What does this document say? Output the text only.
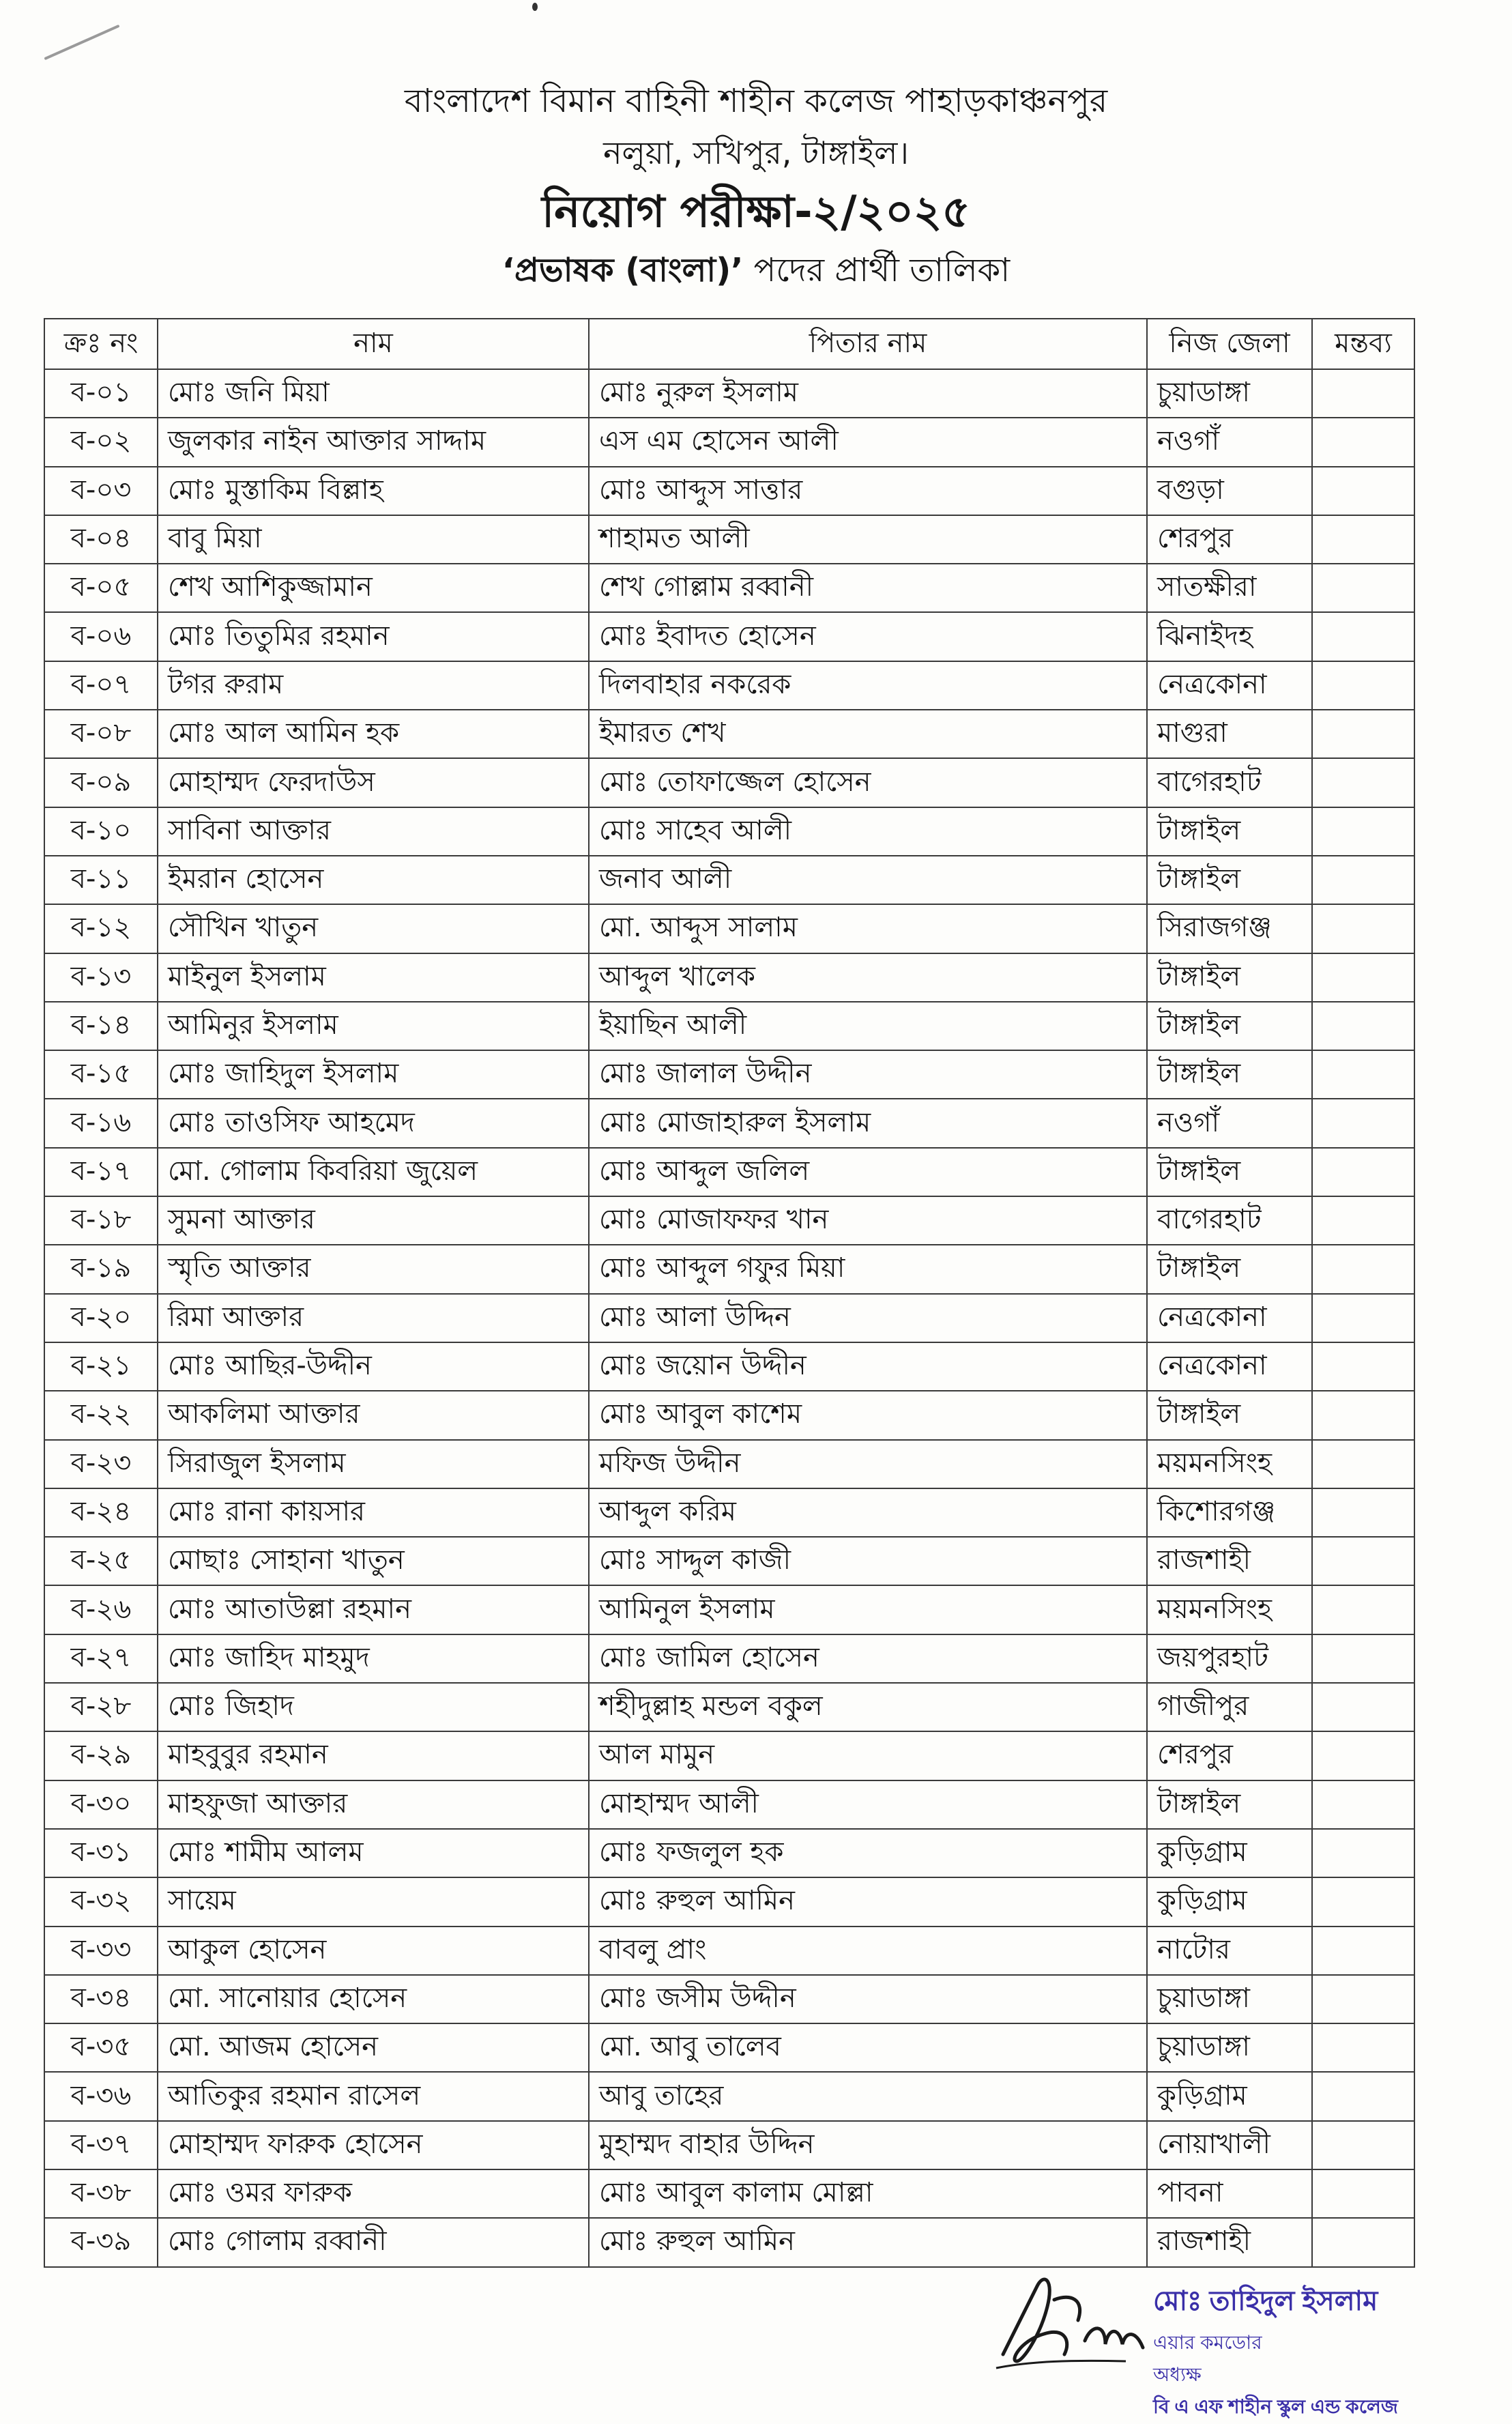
বাংলাদেশ বিমান বাহিনী শাহীন কলেজ পাহাড়কাঞ্চনপুর
নলুয়া, সখিপুর, টাঙ্গাইল।
নিয়োগ পরীক্ষা-২/২০২৫
‘প্রভাষক (বাংলা)’ পদের প্রার্থী তালিকা
ক্রঃ নং	নাম	পিতার নাম	নিজ জেলা	মন্তব্য
ব-০১	মোঃ জনি মিয়া	মোঃ নুরুল ইসলাম	চুয়াডাঙ্গা	
ব-০২	জুলকার নাইন আক্তার সাদ্দাম	এস এম হোসেন আলী	নওগাঁ	
ব-০৩	মোঃ মুস্তাকিম বিল্লাহ	মোঃ আব্দুস সাত্তার	বগুড়া	
ব-০৪	বাবু মিয়া	শাহামত আলী	শেরপুর	
ব-০৫	শেখ আশিকুজ্জামান	শেখ গোল্লাম রব্বানী	সাতক্ষীরা	
ব-০৬	মোঃ তিতুমির রহমান	মোঃ ইবাদত হোসেন	ঝিনাইদহ	
ব-০৭	টগর রুরাম	দিলবাহার নকরেক	নেত্রকোনা	
ব-০৮	মোঃ আল আমিন হক	ইমারত শেখ	মাগুরা	
ব-০৯	মোহাম্মদ ফেরদাউস	মোঃ তোফাজ্জেল হোসেন	বাগেরহাট	
ব-১০	সাবিনা আক্তার	মোঃ সাহেব আলী	টাঙ্গাইল	
ব-১১	ইমরান হোসেন	জনাব আলী	টাঙ্গাইল	
ব-১২	সৌখিন খাতুন	মো. আব্দুস সালাম	সিরাজগঞ্জ	
ব-১৩	মাইনুল ইসলাম	আব্দুল খালেক	টাঙ্গাইল	
ব-১৪	আমিনুর ইসলাম	ইয়াছিন আলী	টাঙ্গাইল	
ব-১৫	মোঃ জাহিদুল ইসলাম	মোঃ জালাল উদ্দীন	টাঙ্গাইল	
ব-১৬	মোঃ তাওসিফ আহমেদ	মোঃ মোজাহারুল ইসলাম	নওগাঁ	
ব-১৭	মো. গোলাম কিবরিয়া জুয়েল	মোঃ আব্দুল জলিল	টাঙ্গাইল	
ব-১৮	সুমনা আক্তার	মোঃ মোজাফফর খান	বাগেরহাট	
ব-১৯	স্মৃতি আক্তার	মোঃ আব্দুল গফুর মিয়া	টাঙ্গাইল	
ব-২০	রিমা আক্তার	মোঃ আলা উদ্দিন	নেত্রকোনা	
ব-২১	মোঃ আছির-উদ্দীন	মোঃ জয়োন উদ্দীন	নেত্রকোনা	
ব-২২	আকলিমা আক্তার	মোঃ আবুল কাশেম	টাঙ্গাইল	
ব-২৩	সিরাজুল ইসলাম	মফিজ উদ্দীন	ময়মনসিংহ	
ব-২৪	মোঃ রানা কায়সার	আব্দুল করিম	কিশোরগঞ্জ	
ব-২৫	মোছাঃ সোহানা খাতুন	মোঃ সাদ্দুল কাজী	রাজশাহী	
ব-২৬	মোঃ আতাউল্লা রহমান	আমিনুল ইসলাম	ময়মনসিংহ	
ব-২৭	মোঃ জাহিদ মাহমুদ	মোঃ জামিল হোসেন	জয়পুরহাট	
ব-২৮	মোঃ জিহাদ	শহীদুল্লাহ মন্ডল বকুল	গাজীপুর	
ব-২৯	মাহবুবুর রহমান	আল মামুন	শেরপুর	
ব-৩০	মাহফুজা আক্তার	মোহাম্মদ আলী	টাঙ্গাইল	
ব-৩১	মোঃ শামীম আলম	মোঃ ফজলুল হক	কুড়িগ্রাম	
ব-৩২	সায়েম	মোঃ রুহুল আমিন	কুড়িগ্রাম	
ব-৩৩	আকুল হোসেন	বাবলু প্রাং	নাটোর	
ব-৩৪	মো. সানোয়ার হোসেন	মোঃ জসীম উদ্দীন	চুয়াডাঙ্গা	
ব-৩৫	মো. আজম হোসেন	মো. আবু তালেব	চুয়াডাঙ্গা	
ব-৩৬	আতিকুর রহমান রাসেল	আবু তাহের	কুড়িগ্রাম	
ব-৩৭	মোহাম্মদ ফারুক হোসেন	মুহাম্মদ বাহার উদ্দিন	নোয়াখালী	
ব-৩৮	মোঃ ওমর ফারুক	মোঃ আবুল কালাম মোল্লা	পাবনা	
ব-৩৯	মোঃ গোলাম রব্বানী	মোঃ রুহুল আমিন	রাজশাহী	
মোঃ তাহিদুল ইসলাম
এয়ার কমডোর
অধ্যক্ষ
বি এ এফ শাহীন স্কুল এন্ড কলেজ
